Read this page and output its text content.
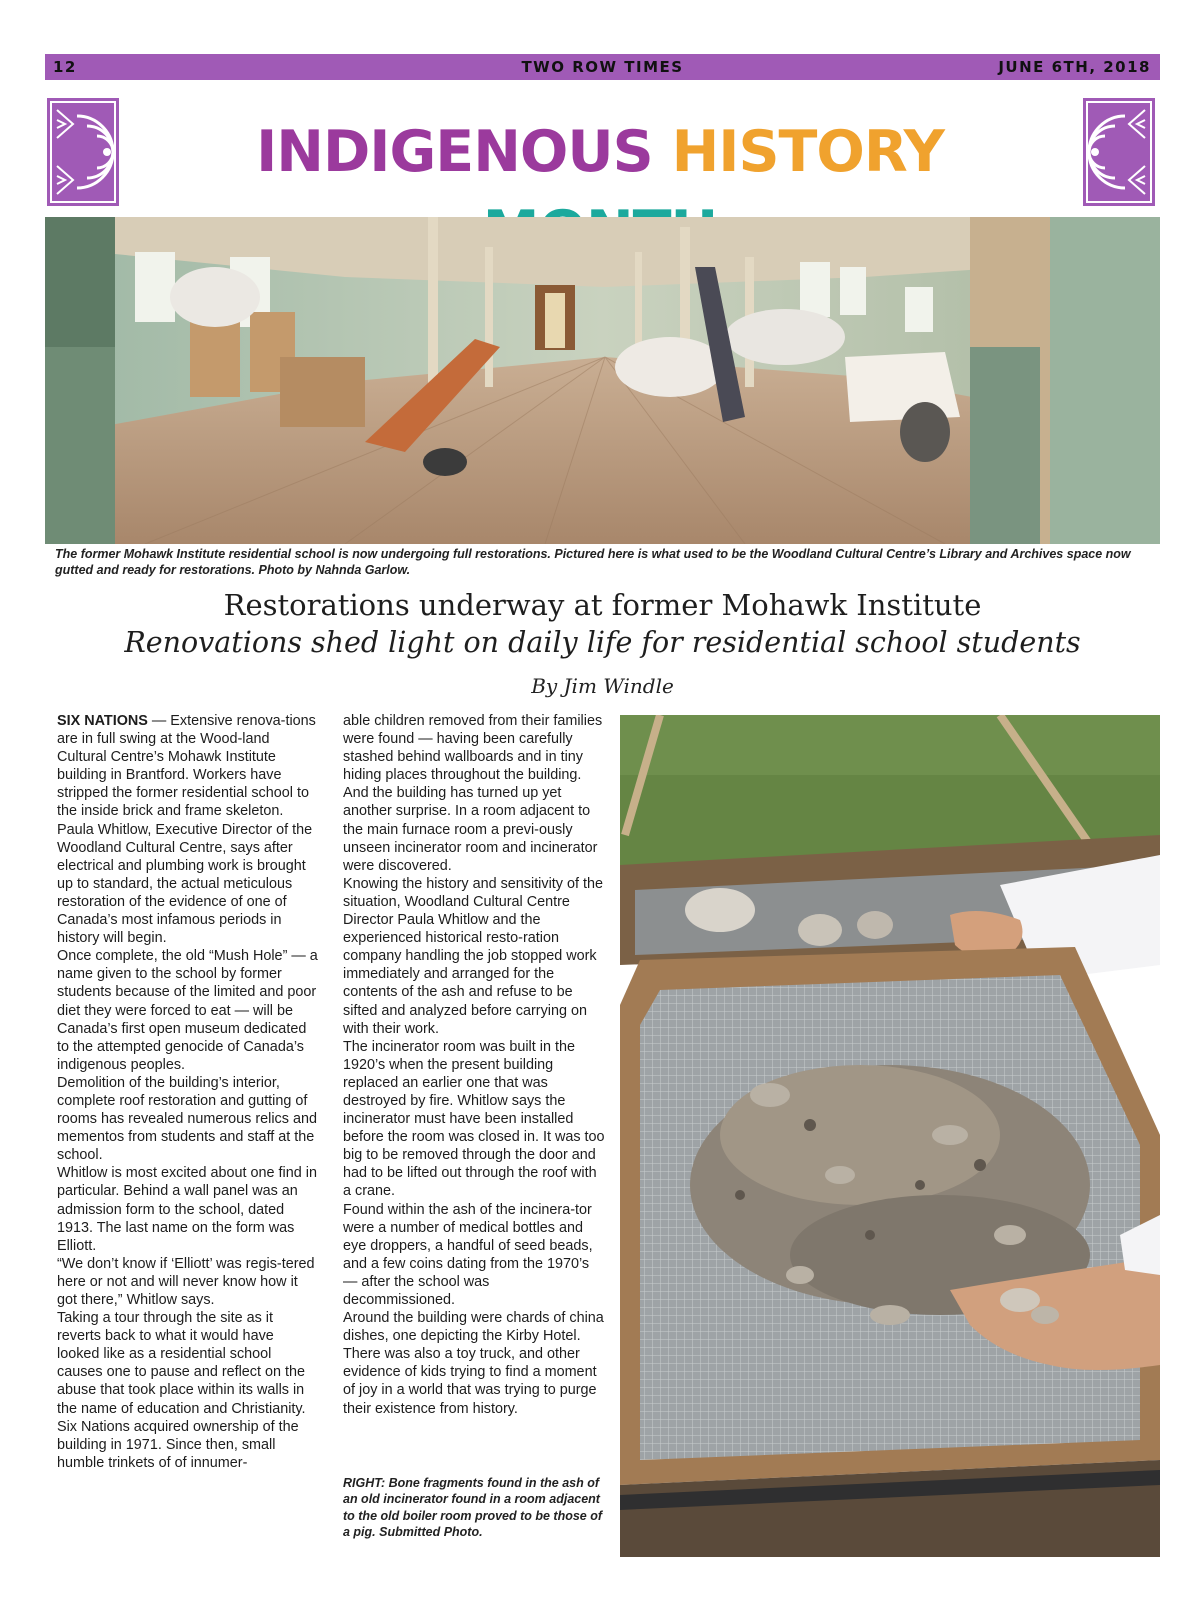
12	TWO ROW TIMES	JUNE 6TH, 2018
INDIGENOUS HISTORY
The former Mohawk Institute residential school is now undergoing full restorations. Pictured here is what used to be the Woodland Cultural Centre’s Library and Archives space now gutted and ready for restorations. Photo by Nahnda Garlow.
Restorations underway at former Mohawk Institute
Renovations shed light on daily life for residential school students
By Jim Windle

SIX NATIONS — Extensive renova-tions are in full swing at the Wood-land Cultural Centre’s Mohawk Institute building in Brantford. Workers have stripped the former residential school to the inside brick and frame skeleton.

Paula Whitlow, Executive Director of the Woodland Cultural Centre, says after electrical and plumbing work is brought up to standard, the actual meticulous restoration of the evidence of one of Canada’s most infamous periods in history will begin.

Once complete, the old “Mush Hole” — a name given to the school by former students because of the limited and poor diet they were forced to eat — will be Canada’s first open museum dedicated to the attempted genocide of Canada’s indigenous peoples.

Demolition of the building’s interior, complete roof restoration and gutting of rooms has revealed numerous relics and mementos from students and staff at the school.

Whitlow is most excited about one find in particular. Behind a wall panel was an admission form to the school, dated 1913. The last name on the form was Elliott.

“We don’t know if ‘Elliott’ was regis-tered here or not and will never know how it got there,” Whitlow says.

Taking a tour through the site as it reverts back to what it would have looked like as a residential school causes one to pause and reflect on the abuse that took place within its walls in the name of education and Christianity.

Six Nations acquired ownership of the building in 1971. Since then, small humble trinkets of of innumer-

able children removed from their families were found — having been carefully stashed behind wallboards and in tiny hiding places throughout the building.

And the building has turned up yet another surprise. In a room adjacent to the main furnace room a previ-ously unseen incinerator room and incinerator were discovered.

Knowing the history and sensitivity of the situation, Woodland Cultural Centre Director Paula Whitlow and the experienced historical resto-ration company handling the job stopped work immediately and arranged for the contents of the ash and refuse to be sifted and analyzed before carrying on with their work.

The incinerator room was built in the 1920’s when the present building replaced an earlier one that was destroyed by fire. Whitlow says the incinerator must have been installed before the room was closed in. It was too big to be removed through the door and had to be lifted out through the roof with a crane.

Found within the ash of the incinera-tor were a number of medical bottles and eye droppers, a handful of seed beads, and a few coins dating from the 1970’s — after the school was decommissioned.

Around the building were chards of china dishes, one depicting the Kirby Hotel. There was also a toy truck, and other evidence of kids trying to find a moment of joy in a world that was trying to purge their existence from history.

RIGHT: Bone fragments found in the ash of an old incinerator found in a room adjacent to the old boiler room proved to be those of a pig. Submitted Photo.
